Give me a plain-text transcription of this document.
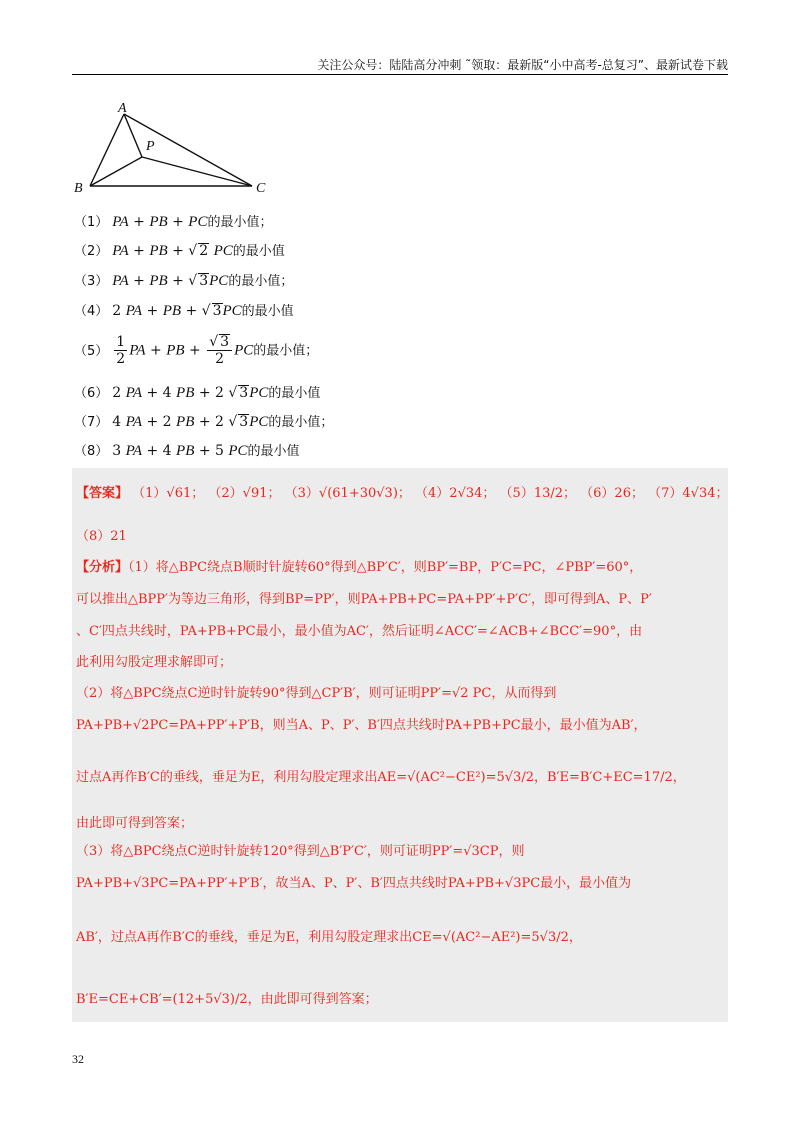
关注公众号：陆陆高分冲刺 ˜领取：最新版“小中高考-总复习”、最新试卷下载
A
B	C
P
（1） PA + PB + PC的最小值；
（2） PA + PB + √ 2 PC的最小值
（3） PA + PB + √ 3PC的最小值；
（4） 2 PA + PB + √ 3PC的最小值
$(5) \frac{1}{2}$ PA + PB + $\frac{√ 3}{2}$ PC的最小值；
（6） 2 PA + 4 PB + 2 √ 3PC的最小值
（7） 4 PA + 2 PB + 2 √ 3PC的最小值；
（8） 3 PA + 4 PB + 5 PC的最小值
【答案】 （1）√61； （2）√91； （3）√(61+30√3)； （4）2√34； （5）13/2； （6）26； （7）4√34；
（8）21
【分析】（1）将△BPC绕点B顺时针旋转60°得到△BP′C′，则BP′=BP，P′C=PC，∠PBP′=60°，
可以推出△BPP′为等边三角形，得到BP=PP′，则PA+PB+PC=PA+PP′+P′C′，即可得到A、P、P′
、C′四点共线时，PA+PB+PC最小，最小值为AC′，然后证明∠ACC′=∠ACB+∠BCC′=90°，由
此利用勾股定理求解即可；
（2）将△BPC绕点C逆时针旋转90°得到△CP′B′，则可证明PP′=√2 PC，从而得到
PA+PB+√2PC=PA+PP′+P′B，则当A、P、P′、B′四点共线时PA+PB+PC最小，最小值为AB′，
过点A再作B′C的垂线，垂足为E，利用勾股定理求出AE=√(AC²−CE²)=5√3/2，B′E=B′C+EC=17/2，
由此即可得到答案；
（3）将△BPC绕点C逆时针旋转120°得到△B′P′C′，则可证明PP′=√3CP，则
PA+PB+√3PC=PA+PP′+P′B′，故当A、P、P′、B′四点共线时PA+PB+√3PC最小，最小值为
AB′，过点A再作B′C的垂线，垂足为E，利用勾股定理求出CE=√(AC²−AE²)=5√3/2，
B′E=CE+CB′=(12+5√3)/2，由此即可得到答案；
32
